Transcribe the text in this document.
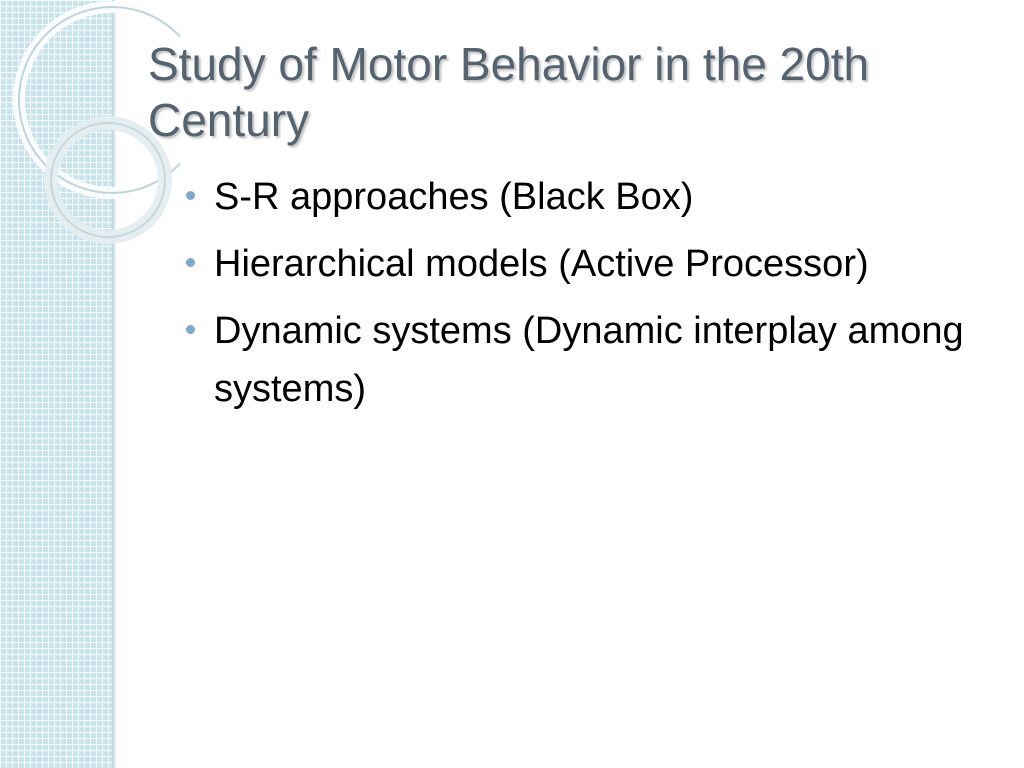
Study of Motor Behavior in the 20th Century
S-R approaches (Black Box)
Hierarchical models (Active Processor)
Dynamic systems (Dynamic interplay among systems)
